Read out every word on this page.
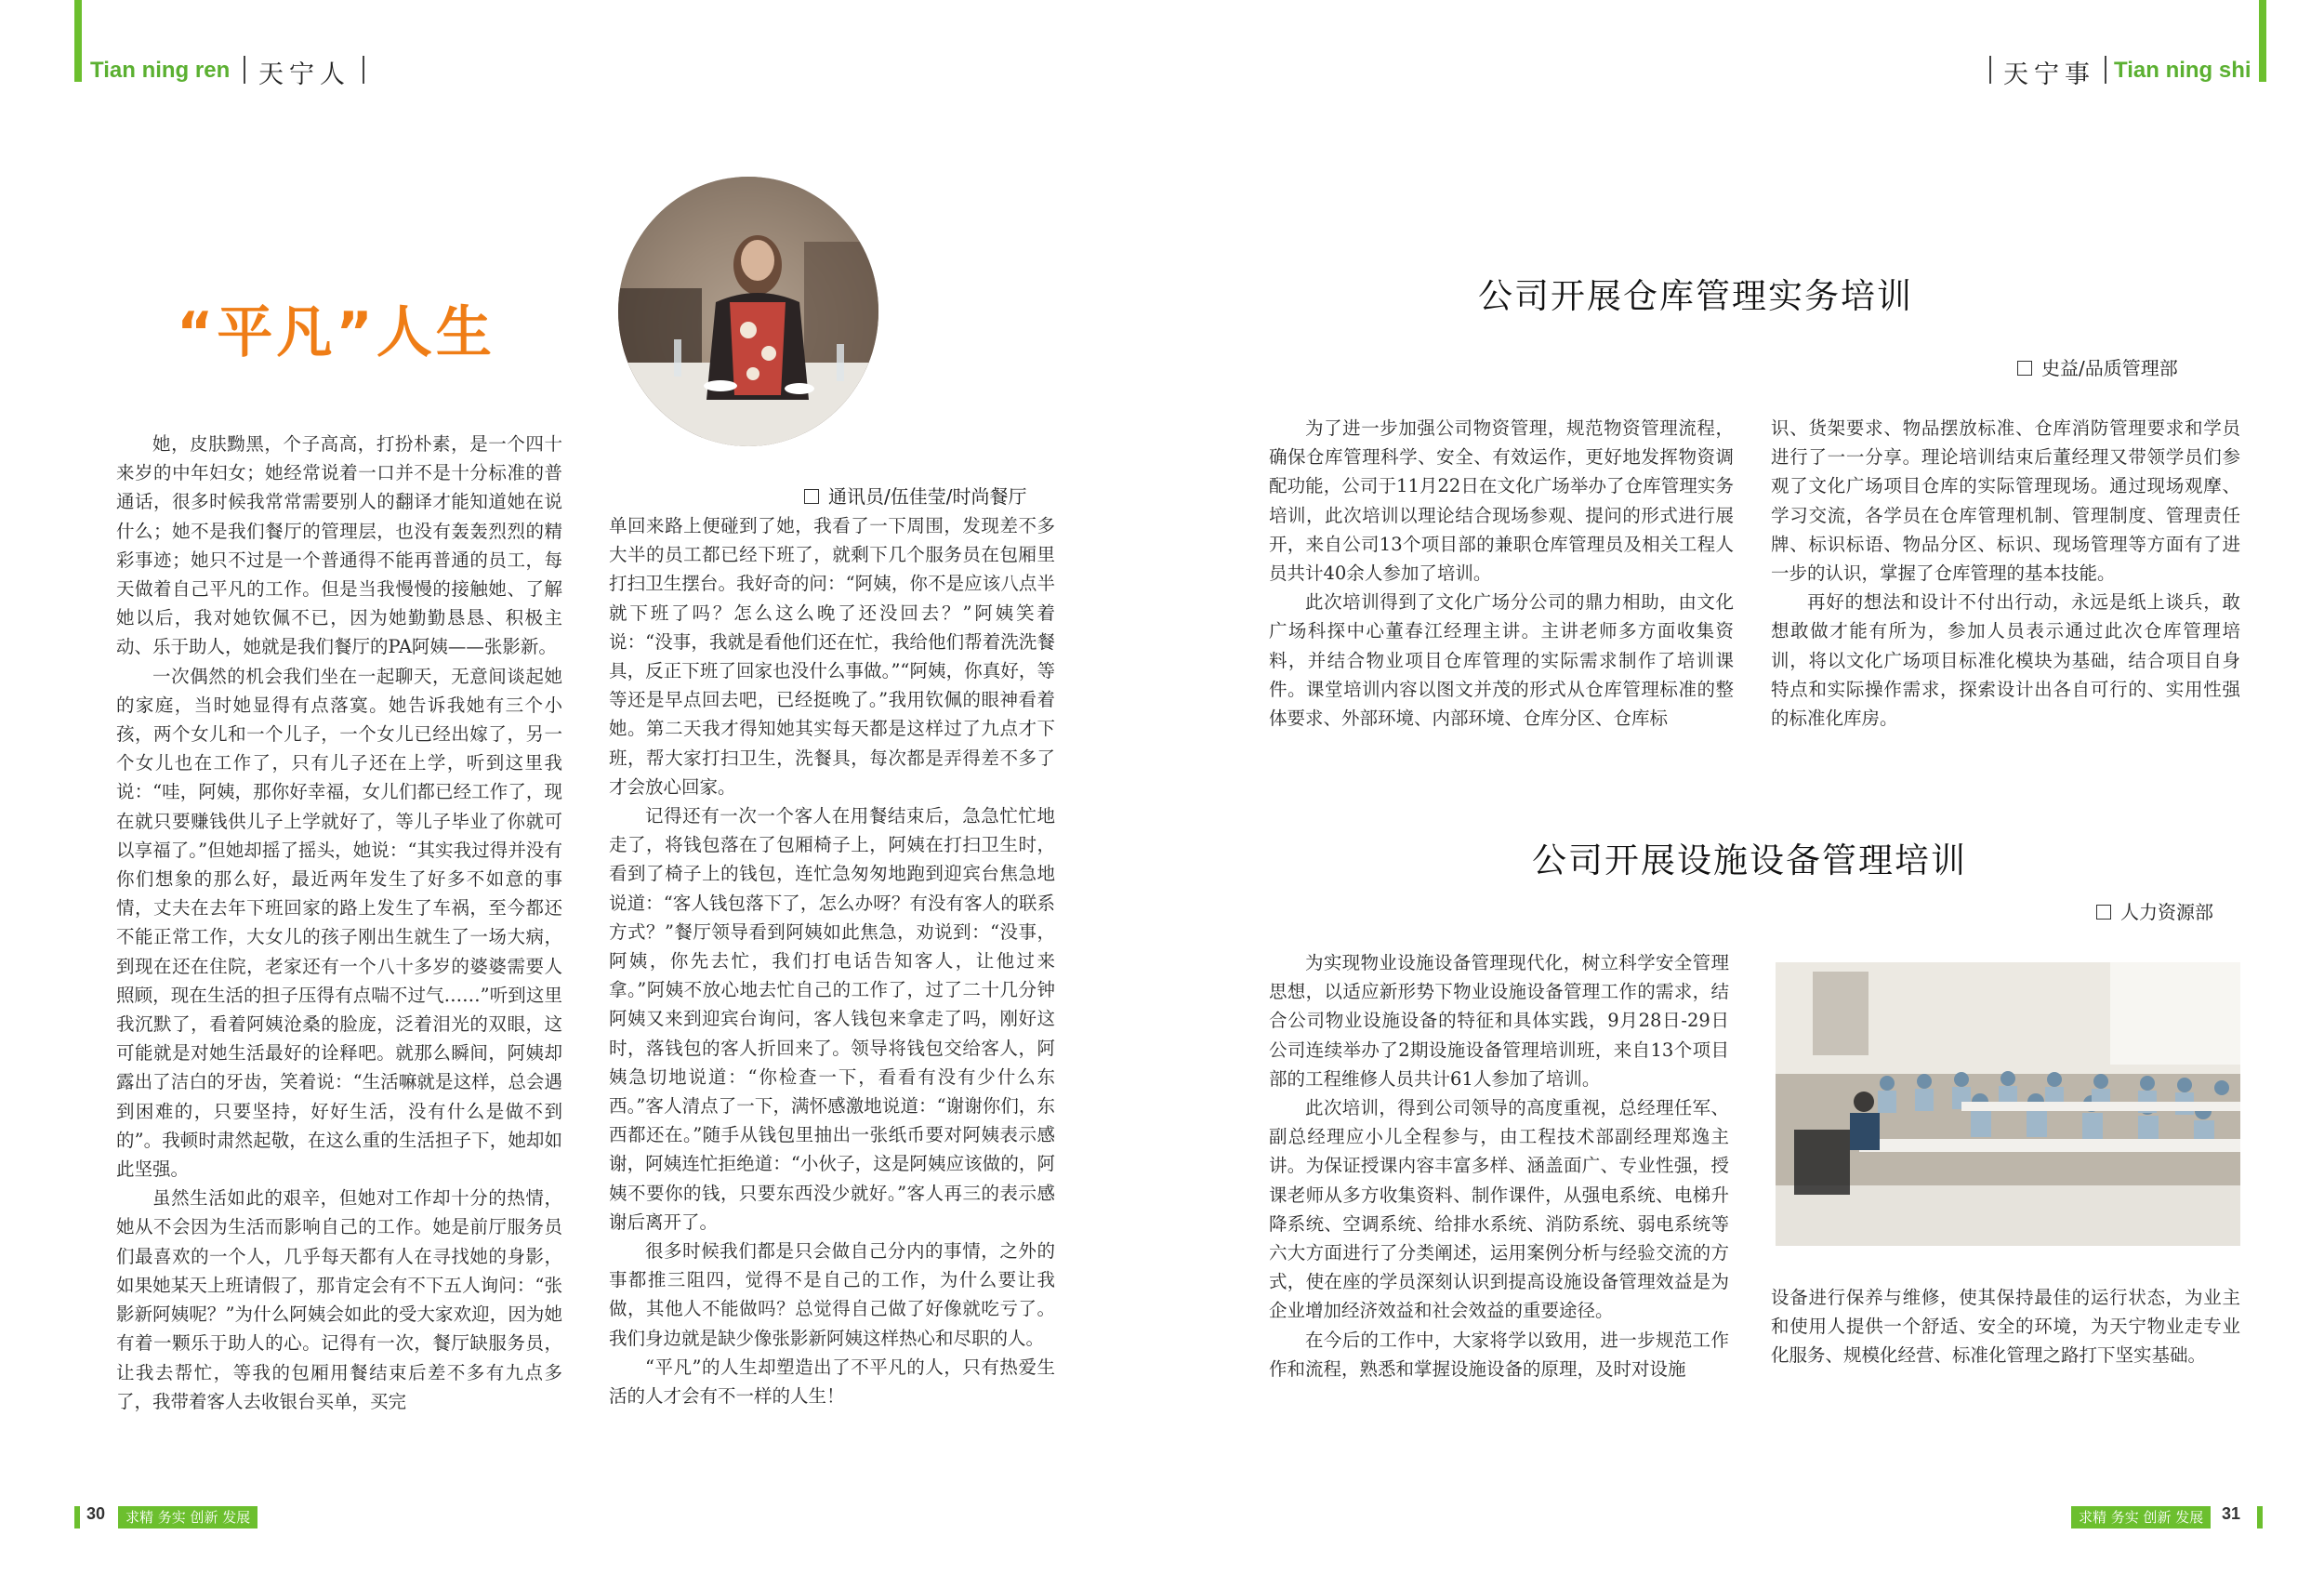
Tian ning ren 天宁人	天宁事 Tian ning shi
“平凡”人生
通讯员/伍佳莹/时尚餐厅

她，皮肤黝黑，个子高高，打扮朴素，是一个四十来岁的中年妇女；她经常说着一口并不是十分标准的普通话，很多时候我常常需要别人的翻译才能知道她在说什么；她不是我们餐厅的管理层，也没有轰轰烈烈的精彩事迹；她只不过是一个普通得不能再普通的员工，每天做着自己平凡的工作。但是当我慢慢的接触她、了解她以后，我对她钦佩不已，因为她勤勤恳恳、积极主动、乐于助人，她就是我们餐厅的PA阿姨——张影新。

一次偶然的机会我们坐在一起聊天，无意间谈起她的家庭，当时她显得有点落寞。她告诉我她有三个小孩，两个女儿和一个儿子，一个女儿已经出嫁了，另一个女儿也在工作了，只有儿子还在上学，听到这里我说：“哇，阿姨，那你好幸福，女儿们都已经工作了，现在就只要赚钱供儿子上学就好了，等儿子毕业了你就可以享福了。”但她却摇了摇头，她说：“其实我过得并没有你们想象的那么好，最近两年发生了好多不如意的事情，丈夫在去年下班回家的路上发生了车祸，至今都还不能正常工作，大女儿的孩子刚出生就生了一场大病，到现在还在住院，老家还有一个八十多岁的婆婆需要人照顾，现在生活的担子压得有点喘不过气……”听到这里我沉默了，看着阿姨沧桑的脸庞，泛着泪光的双眼，这可能就是对她生活最好的诠释吧。就那么瞬间，阿姨却露出了洁白的牙齿，笑着说：“生活嘛就是这样，总会遇到困难的，只要坚持，好好生活，没有什么是做不到的”。我顿时肃然起敬，在这么重的生活担子下，她却如此坚强。

虽然生活如此的艰辛，但她对工作却十分的热情，她从不会因为生活而影响自己的工作。她是前厅服务员们最喜欢的一个人，几乎每天都有人在寻找她的身影，如果她某天上班请假了，那肯定会有不下五人询问：“张影新阿姨呢？”为什么阿姨会如此的受大家欢迎，因为她有着一颗乐于助人的心。记得有一次，餐厅缺服务员，让我去帮忙，等我的包厢用餐结束后差不多有九点多了，我带着客人去收银台买单，买完

单回来路上便碰到了她，我看了一下周围，发现差不多大半的员工都已经下班了，就剩下几个服务员在包厢里打扫卫生摆台。我好奇的问：“阿姨，你不是应该八点半就下班了吗？怎么这么晚了还没回去？”阿姨笑着说：“没事，我就是看他们还在忙，我给他们帮着洗洗餐具，反正下班了回家也没什么事做。”“阿姨，你真好，等等还是早点回去吧，已经挺晚了。”我用钦佩的眼神看着她。第二天我才得知她其实每天都是这样过了九点才下班，帮大家打扫卫生，洗餐具，每次都是弄得差不多了才会放心回家。

记得还有一次一个客人在用餐结束后，急急忙忙地走了，将钱包落在了包厢椅子上，阿姨在打扫卫生时，看到了椅子上的钱包，连忙急匆匆地跑到迎宾台焦急地说道：“客人钱包落下了，怎么办呀？有没有客人的联系方式？”餐厅领导看到阿姨如此焦急，劝说到：“没事，阿姨，你先去忙，我们打电话告知客人，让他过来拿。”阿姨不放心地去忙自己的工作了，过了二十几分钟阿姨又来到迎宾台询问，客人钱包来拿走了吗，刚好这时，落钱包的客人折回来了。领导将钱包交给客人，阿姨急切地说道：“你检查一下，看看有没有少什么东西。”客人清点了一下，满怀感激地说道：“谢谢你们，东西都还在。”随手从钱包里抽出一张纸币要对阿姨表示感谢，阿姨连忙拒绝道：“小伙子，这是阿姨应该做的，阿姨不要你的钱，只要东西没少就好。”客人再三的表示感谢后离开了。

很多时候我们都是只会做自己分内的事情，之外的事都推三阻四，觉得不是自己的工作，为什么要让我做，其他人不能做吗？总觉得自己做了好像就吃亏了。我们身边就是缺少像张影新阿姨这样热心和尽职的人。

“平凡”的人生却塑造出了不平凡的人，只有热爱生活的人才会有不一样的人生！

公司开展仓库管理实务培训
史益/品质管理部

为了进一步加强公司物资管理，规范物资管理流程，确保仓库管理科学、安全、有效运作，更好地发挥物资调配功能，公司于11月22日在文化广场举办了仓库管理实务培训，此次培训以理论结合现场参观、提问的形式进行展开，来自公司13个项目部的兼职仓库管理员及相关工程人员共计40余人参加了培训。

此次培训得到了文化广场分公司的鼎力相助，由文化广场科探中心董春江经理主讲。主讲老师多方面收集资料，并结合物业项目仓库管理的实际需求制作了培训课件。课堂培训内容以图文并茂的形式从仓库管理标准的整体要求、外部环境、内部环境、仓库分区、仓库标

识、货架要求、物品摆放标准、仓库消防管理要求和学员进行了一一分享。理论培训结束后董经理又带领学员们参观了文化广场项目仓库的实际管理现场。通过现场观摩、学习交流，各学员在仓库管理机制、管理制度、管理责任牌、标识标语、物品分区、标识、现场管理等方面有了进一步的认识，掌握了仓库管理的基本技能。

再好的想法和设计不付出行动，永远是纸上谈兵，敢想敢做才能有所为，参加人员表示通过此次仓库管理培训，将以文化广场项目标准化模块为基础，结合项目自身特点和实际操作需求，探索设计出各自可行的、实用性强的标准化库房。

公司开展设施设备管理培训
人力资源部

为实现物业设施设备管理现代化，树立科学安全管理思想，以适应新形势下物业设施设备管理工作的需求，结合公司物业设施设备的特征和具体实践，9月28日-29日公司连续举办了2期设施设备管理培训班，来自13个项目部的工程维修人员共计61人参加了培训。

此次培训，得到公司领导的高度重视，总经理任军、副总经理应小儿全程参与，由工程技术部副经理郑逸主讲。为保证授课内容丰富多样、涵盖面广、专业性强，授课老师从多方收集资料、制作课件，从强电系统、电梯升降系统、空调系统、给排水系统、消防系统、弱电系统等六大方面进行了分类阐述，运用案例分析与经验交流的方式，使在座的学员深刻认识到提高设施设备管理效益是为企业增加经济效益和社会效益的重要途径。

在今后的工作中，大家将学以致用，进一步规范工作作和流程，熟悉和掌握设施设备的原理，及时对设施

设备进行保养与维修，使其保持最佳的运行状态，为业主和使用人提供一个舒适、安全的环境，为天宁物业走专业化服务、规模化经营、标准化管理之路打下坚实基础。

30	求精 务实 创新 发展	求精 务实 创新 发展	31
